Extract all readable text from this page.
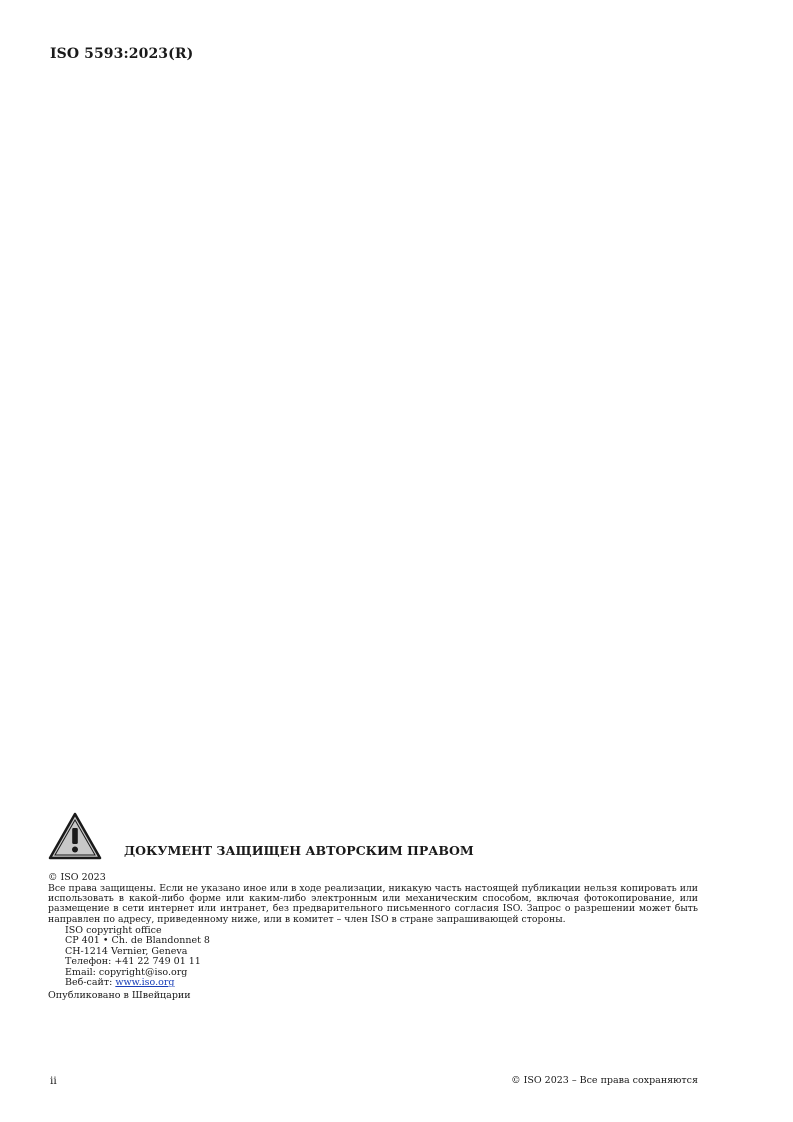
ISO 5593:2023(R)
ДОКУМЕНТ ЗАЩИЩЕН АВТОРСКИМ ПРАВОМ
© ISO 2023
Все права защищены. Если не указано иное или в ходе реализации, никакую часть настоящей публикации нельзя копировать или использовать в какой-либо форме или каким-либо электронным или механическим способом, включая фотокопирование, или размещение в сети интернет или интранет, без предварительного письменного согласия ISO. Запрос о разрешении может быть направлен по адресу, приведенному ниже, или в комитет – член ISO в стране запрашивающей стороны.
ISO copyright office
CP 401 • Ch. de Blandonnet 8
CH-1214 Vernier, Geneva
Телефон: +41 22 749 01 11
Email: copyright@iso.org
Веб-сайт: www.iso.org
Опубликовано в Швейцарии
ii	© ISO 2023 – Все права сохраняются
